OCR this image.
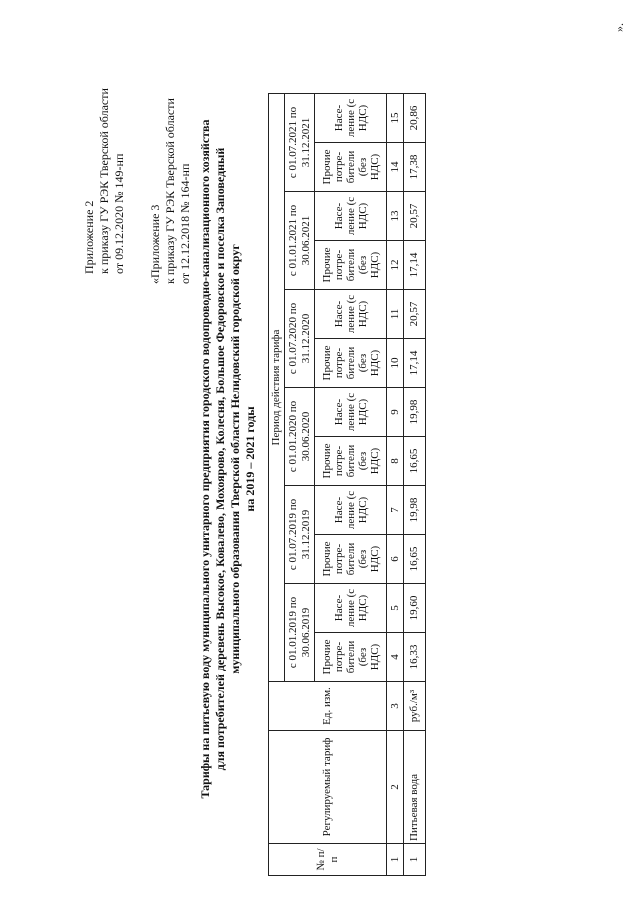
Приложение 2 к приказу ГУ РЭК Тверской области от 09.12.2020 № 149-нп «Приложение 3 к приказу ГУ РЭК Тверской области от 12.12.2018 № 164-нп Тарифы на питьевую воду муниципального унитарного предприятия городского водопроводно-канализационного хозяйства для потребителей деревень Высокое, Ковалево, Мохоярово, Колесня, Большое Федоровское и поселка Заповедный муниципального образования Тверской области Нелидовский городской округ на 2019 – 2021 годы
№ п/ п	Регулируемый тариф	Ед. изм.	Период действия тарифа											
			с 01.01.2019 по 30.06.2019		с 01.07.2019 по 31.12.2019		с 01.01.2020 по 30.06.2020		с 01.07.2020 по 31.12.2020		с 01.01.2021 по 30.06.2021		с 01.07.2021 по 31.12.2021	
			Прочие потре- бители (без НДС)	Насе- ление (с НДС)	Прочие потре- бители (без НДС)	Насе- ление (с НДС)	Прочие потре- бители (без НДС)	Насе- ление (с НДС)	Прочие потре- бители (без НДС)	Насе- ление (с НДС)	Прочие потре- бители (без НДС)	Насе- ление (с НДС)	Прочие потре- бители (без НДС)	Насе- ление (с НДС)
1	2	3	4	5	6	7	8	9	10	11	12	13	14	15
1	Питьевая вода	руб./м³	16,33	19,60	16,65	19,98	16,65	19,98	17,14	20,57	17,14	20,57	17,38	20,86
».
